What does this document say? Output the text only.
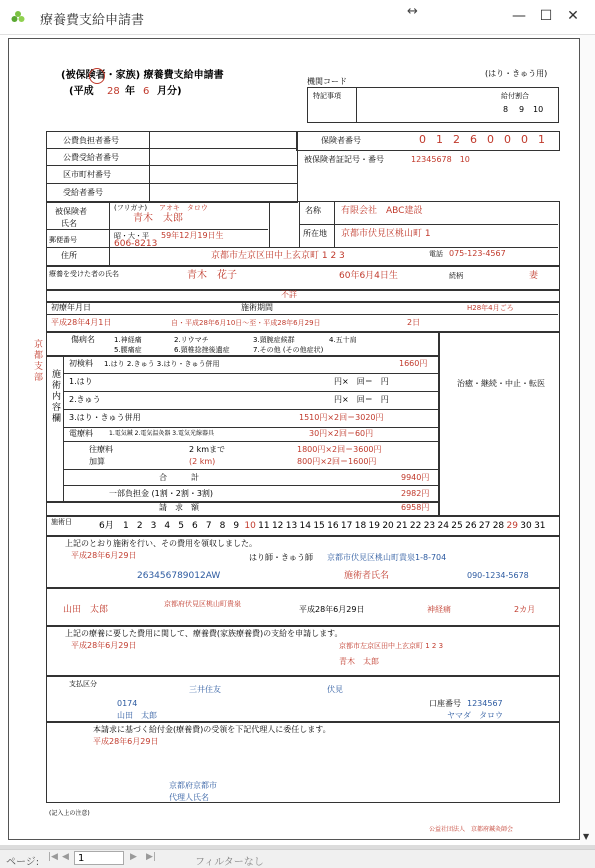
療養費支給申請書
↔	— ☐	✕
(被保険者・家族) 療養費支給申請書
(平成 28 年 6 月分)
(はり・きゅう用)
機関コード
特記事項	給付割合
8 9 10
公費負担者番号
公費受給者番号
区市町村番号
受給者番号
保険者番号	0 1 2 6 0 0 0 1
被保険者証記号・番号	12345678　10
(フリガナ) アオキ　タロウ
被保険者
氏名	青木　太郎
昭・大・平 59年12月19日生
郵便番号	606-8213
住所	京都市左京区田中上玄京町 1 2 3	電話 075-123-4567
名称 有限会社　ABC建設
所在地 京都市伏見区桃山町 1
療養を受けた者の氏名	青木　花子	60年6月4日生	続柄	妻
不詳
初療年月日
平成28年4月1日
施術期間
自・平成28年6月10日～至・平成28年6月29日	2日
H28年4月ごろ
傷病名	1.神経痛	2.リウマチ	3.頸腕症候群	4.五十肩
5.腰痛症	6.頸椎捻挫後遺症	7.その他 (その他症状)
施術内容欄
初検料 1.はり 2.きゅう 3.はり・きゅう併用	1660円
1.はり	円×　回＝　円
2.きゅう	円×　回＝　円
3.はり・きゅう併用	1510円×2回＝3020円
電療料	1.電気鍼 2.電気温灸器 3.電気光線器具	30円×2回＝60円
往療料	2 kmまで	1800円×2回＝3600円
加算	(2 km)	800円×2回＝1600円
合　　　計	9940円
一部負担金 (1割・2割・3割)	2982円
請　求　額	6958円
治癒・継続・中止・転医
施術日	6月	1 2 3 4 5 6 7 8 9 10 11 12 13 14 15 16 17 18 19 20 21 22 23 24 25 26 27 28 29 30 31
上記のとおり施術を行い、その費用を領収しました。
平成28年6月29日	はり師・きゅう師 京都市伏見区桃山町貴泉1-8-704
263456789012AW	施術者氏名	090-1234-5678
山田　太郎
京都府伏見区桃山町貴泉
平成28年6月29日	神経痛	2カ月
上記の療養に要した費用に関して、療養費(家族療養費)の支給を申請します。
平成28年6月29日	京都市左京区田中上玄京町 1 2 3
青木　太郎
支払区分
三井住友	伏見
0174	口座番号 1234567
山田　太郎	ヤマダ　タロウ
本請求に基づく給付金(療養費)の受領を下記代理人に委任します。
平成28年6月29日
京都府京都市
代理人氏名
(記入上の注意)
公益社団法人　京都府鍼灸師会
京都支部
▼
ページ: |◀ ◀ 1	▶ ▶|	フィルターなし
